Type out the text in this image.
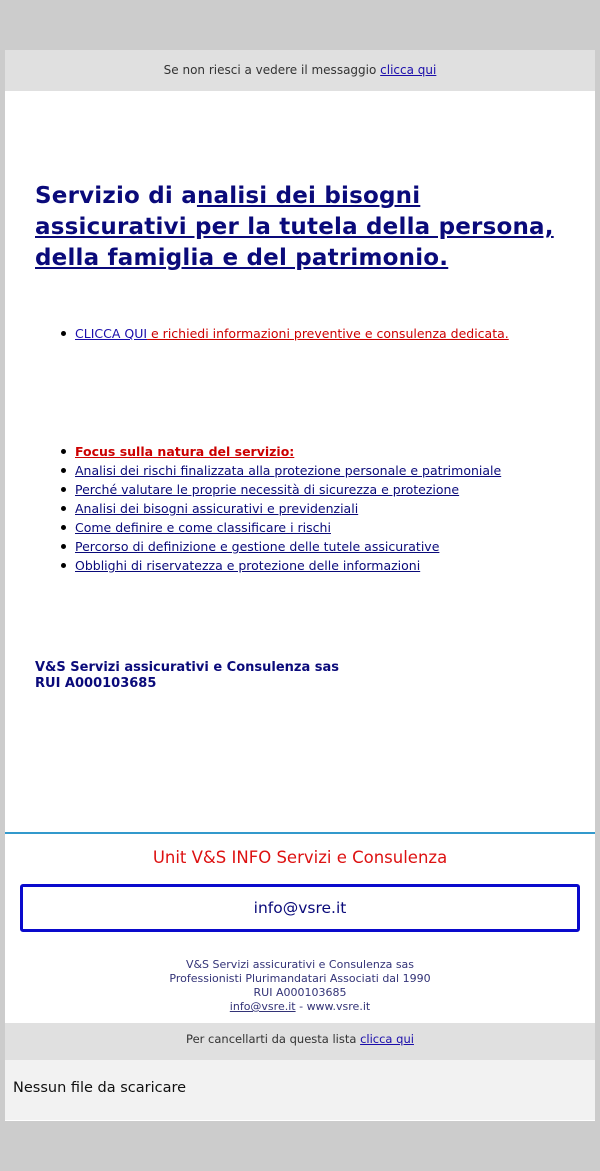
Se non riesci a vedere il messaggio clicca qui
Servizio di analisi dei bisogni
assicurativi per la tutela della persona,
della famiglia e del patrimonio.
CLICCA QUI e richiedi informazioni preventive e consulenza dedicata.
Focus sulla natura del servizio:
Analisi dei rischi finalizzata alla protezione personale e patrimoniale
Perché valutare le proprie necessità di sicurezza e protezione
Analisi dei bisogni assicurativi e previdenziali
Come definire e come classificare i rischi
Percorso di definizione e gestione delle tutele assicurative
Obblighi di riservatezza e protezione delle informazioni
V&S Servizi assicurativi e Consulenza sas
RUI A000103685
Unit V&S INFO Servizi e Consulenza
info@vsre.it
V&S Servizi assicurativi e Consulenza sas
Professionisti Plurimandatari Associati dal 1990
RUI A000103685
info@vsre.it - www.vsre.it
Per cancellarti da questa lista clicca qui
Nessun file da scaricare
